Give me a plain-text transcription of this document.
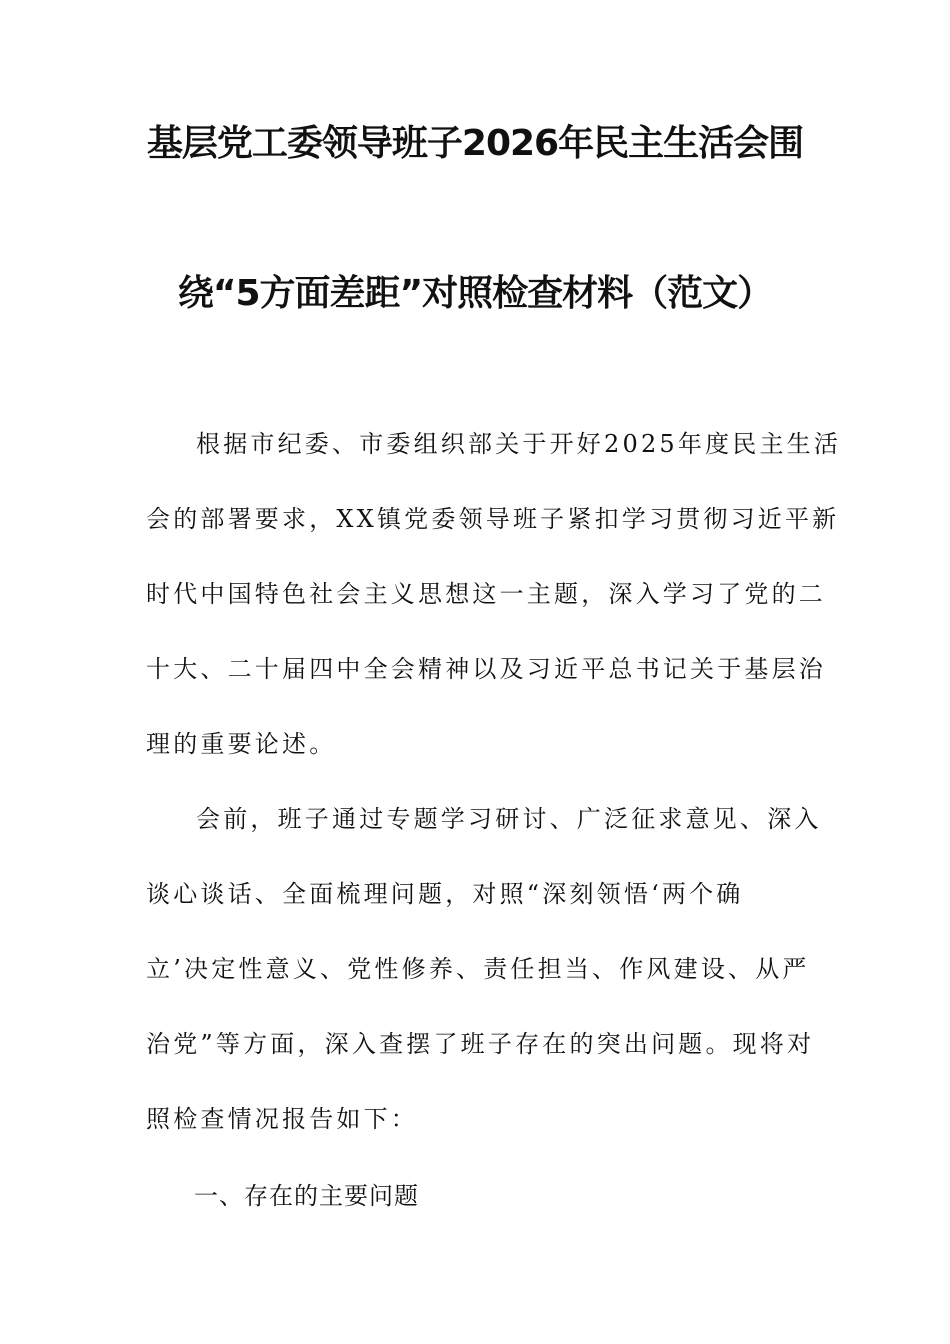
基层党工委领导班子2026年民主生活会围
绕“5方面差距”对照检查材料（范文）
根据市纪委、市委组织部关于开好2025年度民主生活
会的部署要求，XX镇党委领导班子紧扣学习贯彻习近平新
时代中国特色社会主义思想这一主题，深入学习了党的二
十大、二十届四中全会精神以及习近平总书记关于基层治
理的重要论述。
会前，班子通过专题学习研讨、广泛征求意见、深入
谈心谈话、全面梳理问题，对照“深刻领悟‘两个确
立’决定性意义、党性修养、责任担当、作风建设、从严
治党”等方面，深入查摆了班子存在的突出问题。现将对
照检查情况报告如下：
一、存在的主要问题
